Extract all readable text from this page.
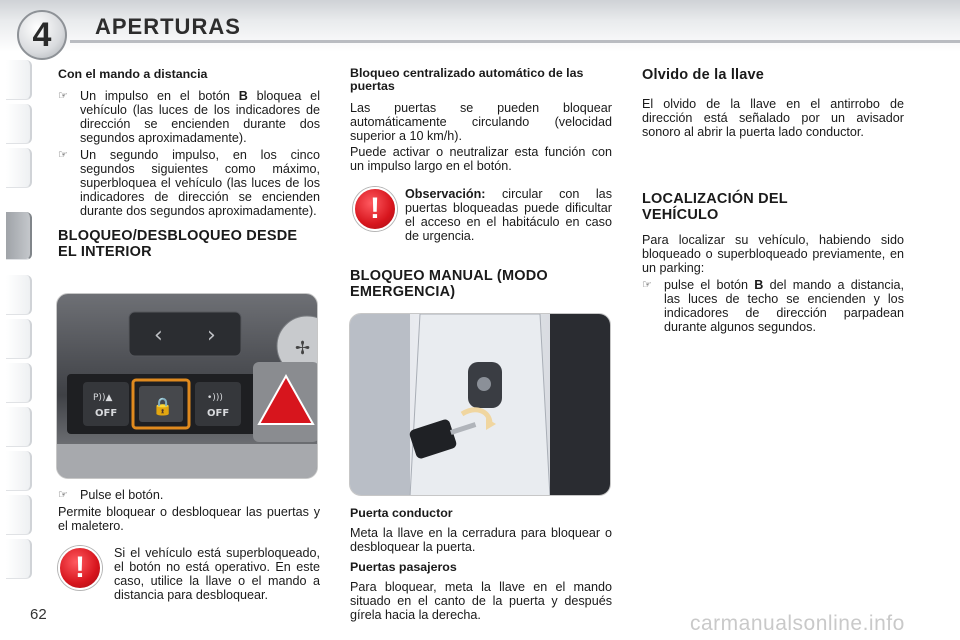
4 APERTURAS
Con el mando a distancia
☞ Un impulso en el botón B bloquea el vehículo (las luces de los indicadores de dirección se encienden durante dos segundos aproximadamente).
☞ Un segundo impulso, en los cinco segundos siguientes como máximo, superbloquea el vehículo (las luces de los indicadores de dirección se encienden durante dos segundos aproximadamente).
BLOQUEO/DESBLOQUEO DESDE EL INTERIOR
‹ ›
✢
P))▲
OFF 🔒	•)))
OFF
☞ Pulse el botón.
Permite bloquear o desbloquear las puertas y el maletero.
!	Si el vehículo está superbloqueado, el botón no está operativo. En este caso, utilice la llave o el mando a distancia para desbloquear.
Bloqueo centralizado automático de las puertas
Las puertas se pueden bloquear automáticamente circulando (velocidad superior a 10 km/h).
Puede activar o neutralizar esta función con un impulso largo en el botón.
!	Observación: circular con las puertas bloqueadas puede dificultar el acceso en el habitáculo en caso de urgencia.
BLOQUEO MANUAL (MODO EMERGENCIA)
Puerta conductor
Meta la llave en la cerradura para bloquear o desbloquear la puerta.
Puertas pasajeros
Para bloquear, meta la llave en el mando situado en el canto de la puerta y después gírela hacia la derecha.
Olvido de la llave
El olvido de la llave en el antirrobo de dirección está señalado por un avisador sonoro al abrir la puerta lado conductor.
LOCALIZACIÓN DEL VEHÍCULO
Para localizar su vehículo, habiendo sido bloqueado o superbloqueado previamente, en un parking:
☞ pulse el botón B del mando a distancia, las luces de techo se encienden y los indicadores de dirección parpadean durante algunos segundos.
62	carmanualsonline.info
